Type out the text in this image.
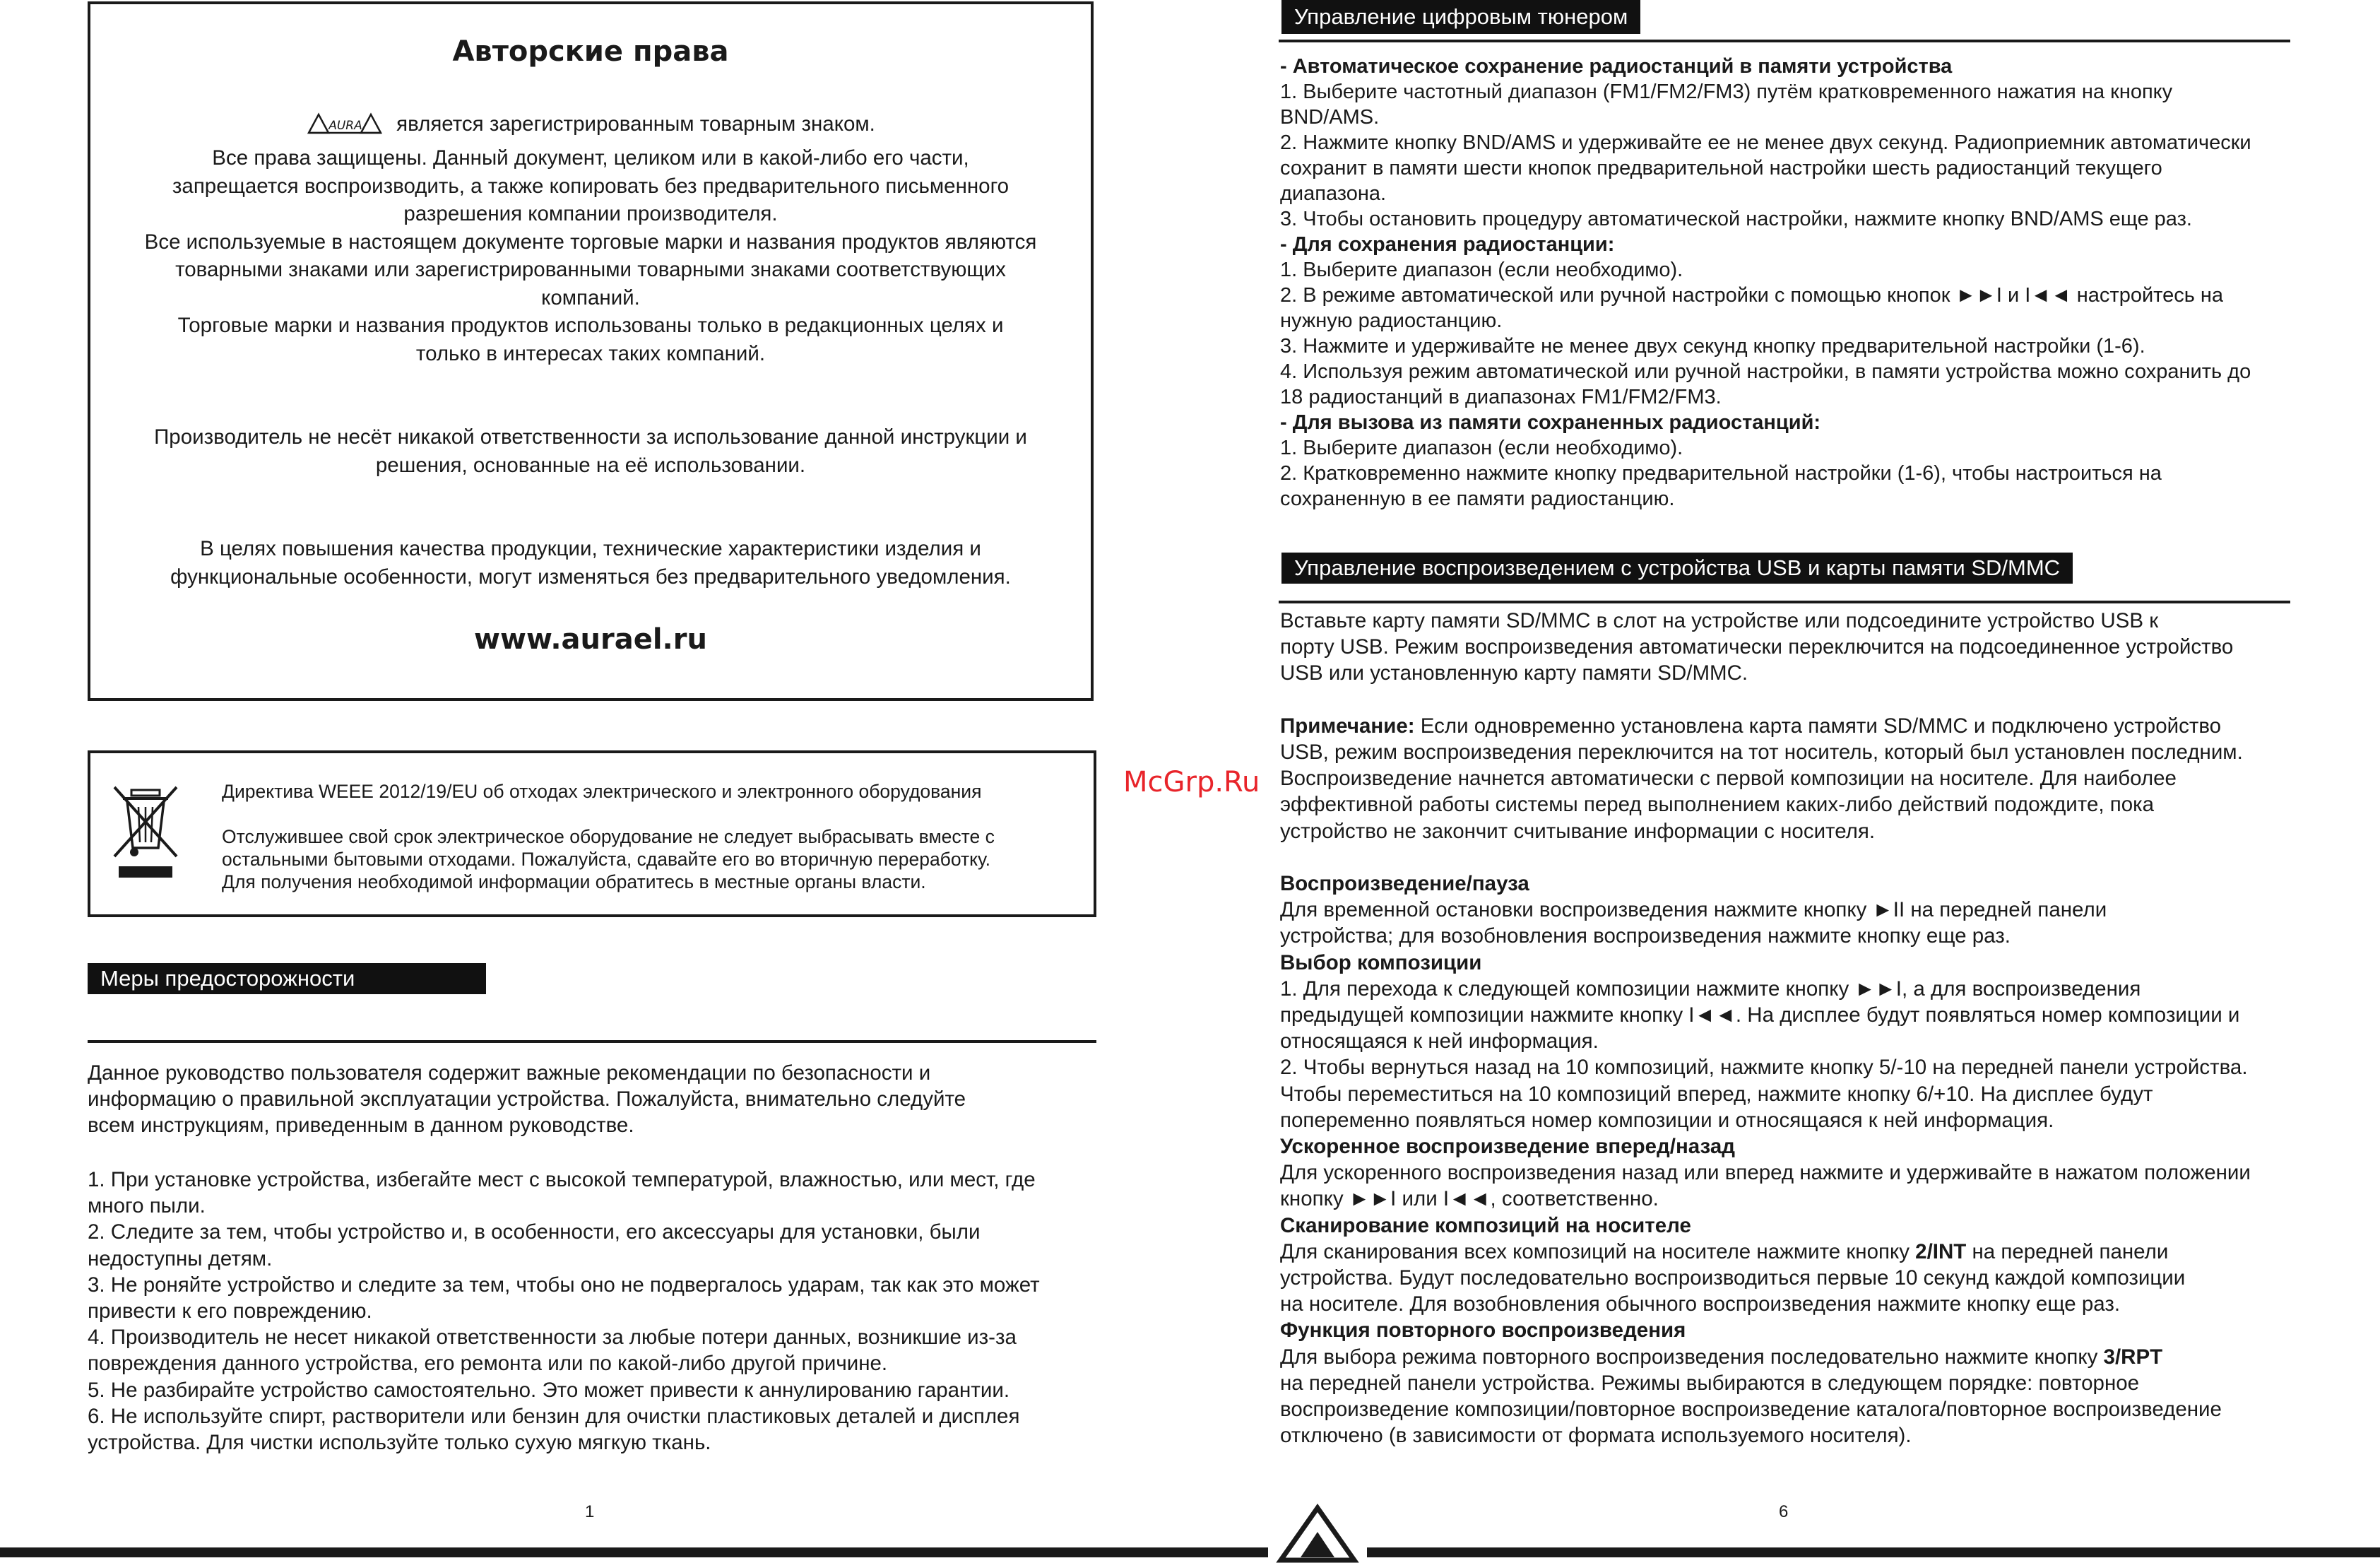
Авторские права
AURA является зарегистрированным товарным знаком.
Все права защищены. Данный документ, целиком или в какой-либо его части,
запрещается воспроизводить, а также копировать без предварительного письменного
разрешения компании производителя.
Все используемые в настоящем документе торговые марки и названия продуктов являются
товарными знаками или зарегистрированными товарными знаками соответствующих
компаний.
Торговые марки и названия продуктов использованы только в редакционных целях и
только в интересах таких компаний.
Производитель не несёт никакой ответственности за использование данной инструкции и
решения, основанные на её использовании.
В целях повышения качества продукции, технические характеристики изделия и
функциональные особенности, могут изменяться без предварительного уведомления.
www.aurael.ru
Директива WEEE 2012/19/EU об отходах электрического и электронного оборудования
Отслужившее свой срок электрическое оборудование не следует выбрасывать вместе с
остальными бытовыми отходами. Пожалуйста, сдавайте его во вторичную переработку.
Для получения необходимой информации обратитесь в местные органы власти.
Меры предосторожности
Данное руководство пользователя содержит важные рекомендации по безопасности и
информацию о правильной эксплуатации устройства. Пожалуйста, внимательно следуйте
всем инструкциям, приведенным в данном руководстве.
1. При установке устройства, избегайте мест с высокой температурой, влажностью, или мест, где
много пыли.
2. Следите за тем, чтобы устройство и, в особенности, его аксессуары для установки, были
недоступны детям.
3. Не роняйте устройство и следите за тем, чтобы оно не подвергалось ударам, так как это может
привести к его повреждению.
4. Производитель не несет никакой ответственности за любые потери данных, возникшие из-за
повреждения данного устройства, его ремонта или по какой-либо другой причине.
5. Не разбирайте устройство самостоятельно. Это может привести к аннулированию гарантии.
6. Не используйте спирт, растворители или бензин для очистки пластиковых деталей и дисплея
устройства. Для чистки используйте только сухую мягкую ткань.
1
McGrp.Ru
Управление цифровым тюнером
- Автоматическое сохранение радиостанций в памяти устройства
1. Выберите частотный диапазон (FM1/FM2/FM3) путём кратковременного нажатия на кнопку
BND/AMS.
2. Нажмите кнопку BND/AMS и удерживайте ее не менее двух секунд. Радиоприемник автоматически
сохранит в памяти шести кнопок предварительной настройки шесть радиостанций текущего
диапазона.
3. Чтобы остановить процедуру автоматической настройки, нажмите кнопку BND/AMS еще раз.
- Для сохранения радиостанции:
1. Выберите диапазон (если необходимо).
2. В режиме автоматической или ручной настройки с помощью кнопок ►►I и I◄◄ настройтесь на
нужную радиостанцию.
3. Нажмите и удерживайте не менее двух секунд кнопку предварительной настройки (1-6).
4. Используя режим автоматической или ручной настройки, в памяти устройства можно сохранить до
18 радиостанций в диапазонах FM1/FM2/FM3.
- Для вызова из памяти сохраненных радиостанций:
1. Выберите диапазон (если необходимо).
2. Кратковременно нажмите кнопку предварительной настройки (1-6), чтобы настроиться на
сохраненную в ее памяти радиостанцию.
Управление воспроизведением с устройства USB и карты памяти SD/MMC
Вставьте карту памяти SD/MMC в слот на устройстве или подсоедините устройство USB к
порту USB. Режим воспроизведения автоматически переключится на подсоединенное устройство
USB или установленную карту памяти SD/MMC.
Примечание: Если одновременно установлена карта памяти SD/MMC и подключено устройство
USB, режим воспроизведения переключится на тот носитель, который был установлен последним.
Воспроизведение начнется автоматически с первой композиции на носителе. Для наиболее
эффективной работы системы перед выполнением каких-либо действий подождите, пока
устройство не закончит считывание информации с носителя.
Воспроизведение/пауза
Для временной остановки воспроизведения нажмите кнопку ►II на передней панели
устройства; для возобновления воспроизведения нажмите кнопку еще раз.
Выбор композиции
1. Для перехода к следующей композиции нажмите кнопку ►►I, а для воспроизведения
предыдущей композиции нажмите кнопку I◄◄. На дисплее будут появляться номер композиции и
относящаяся к ней информация.
2. Чтобы вернуться назад на 10 композиций, нажмите кнопку 5/-10 на передней панели устройства.
Чтобы переместиться на 10 композиций вперед, нажмите кнопку 6/+10. На дисплее будут
попеременно появляться номер композиции и относящаяся к ней информация.
Ускоренное воспроизведение вперед/назад
Для ускоренного воспроизведения назад или вперед нажмите и удерживайте в нажатом положении
кнопку ►►I или I◄◄, соответственно.
Сканирование композиций на носителе
Для сканирования всех композиций на носителе нажмите кнопку 2/INT на передней панели
устройства. Будут последовательно воспроизводиться первые 10 секунд каждой композиции
на носителе. Для возобновления обычного воспроизведения нажмите кнопку еще раз.
Функция повторного воспроизведения
Для выбора режима повторного воспроизведения последовательно нажмите кнопку 3/RPT
на передней панели устройства. Режимы выбираются в следующем порядке: повторное
воспроизведение композиции/повторное воспроизведение каталога/повторное воспроизведение
отключено (в зависимости от формата используемого носителя).
6
